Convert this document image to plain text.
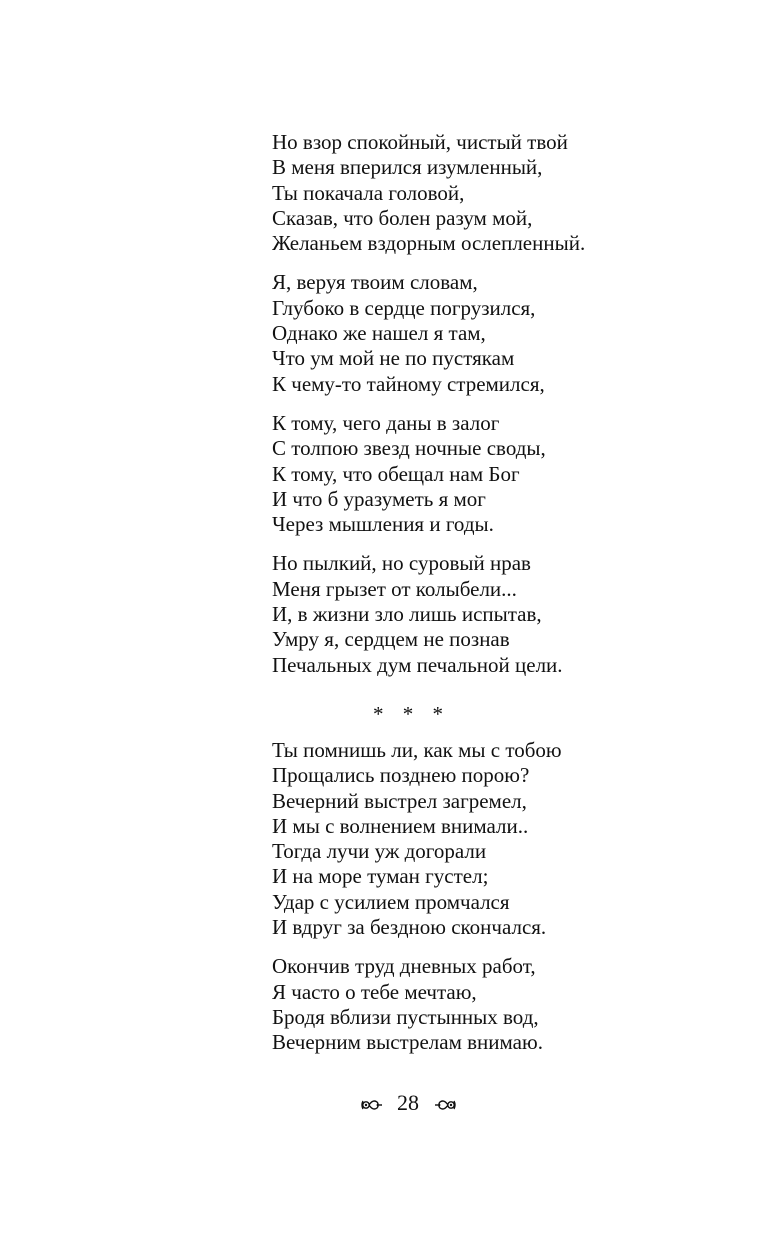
Но взор спокойный, чистый твой
В меня вперился изумленный,
Ты покачала головой,
Сказав, что болен разум мой,
Желаньем вздорным ослепленный.
Я, веруя твоим словам,
Глубоко в сердце погрузился,
Однако же нашел я там,
Что ум мой не по пустякам
К чему-то тайному стремился,
К тому, чего даны в залог
С толпою звезд ночные своды,
К тому, что обещал нам Бог
И что б уразуметь я мог
Через мышления и годы.
Но пылкий, но суровый нрав
Меня грызет от колыбели...
И, в жизни зло лишь испытав,
Умру я, сердцем не познав
Печальных дум печальной цели.
* * *
Ты помнишь ли, как мы с тобою
Прощались позднею порою?
Вечерний выстрел загремел,
И мы с волнением внимали..
Тогда лучи уж догорали
И на море туман густел;
Удар с усилием промчался
И вдруг за бездною скончался.
Окончив труд дневных работ,
Я часто о тебе мечтаю,
Бродя вблизи пустынных вод,
Вечерним выстрелам внимаю.
28
